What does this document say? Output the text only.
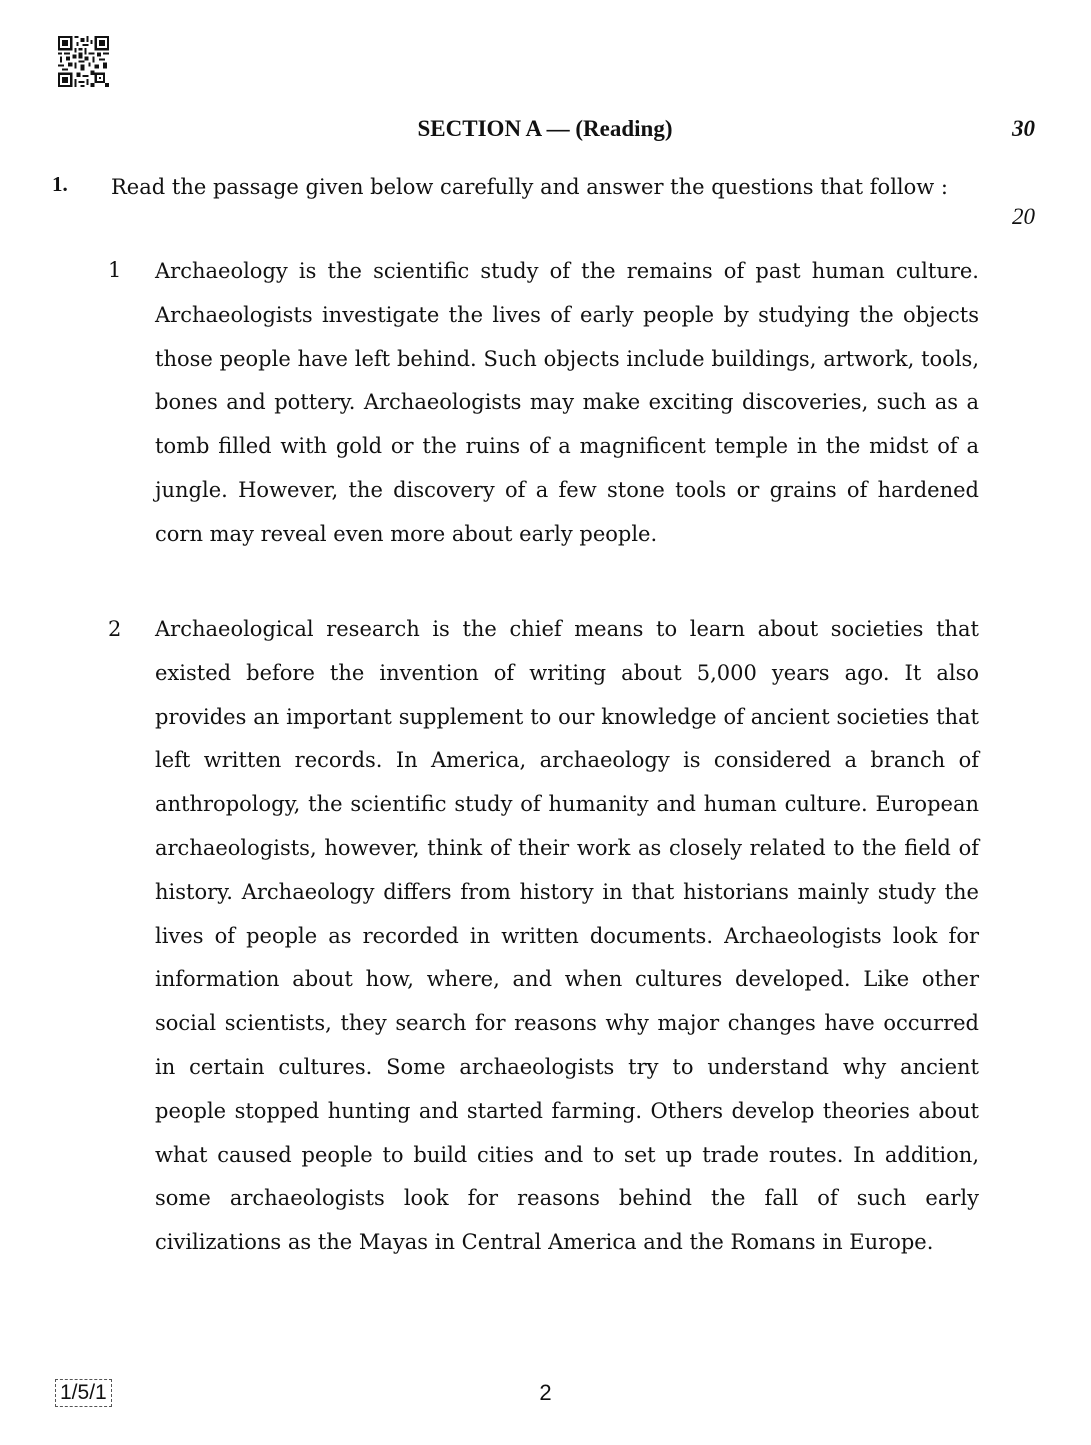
SECTION A — (Reading)	30
1. Read the passage given below carefully and answer the questions that follow :
20
1 Archaeology is the scientific study of the remains of past human culture. Archaeologists investigate the lives of early people by studying the objects those people have left behind. Such objects include buildings, artwork, tools, bones and pottery. Archaeologists may make exciting discoveries, such as a tomb filled with gold or the ruins of a magnificent temple in the midst of a jungle. However, the discovery of a few stone tools or grains of hardened corn may reveal even more about early people.
2 Archaeological research is the chief means to learn about societies that existed before the invention of writing about 5,000 years ago. It also provides an important supplement to our knowledge of ancient societies that left written records. In America, archaeology is considered a branch of anthropology, the scientific study of humanity and human culture. European archaeologists, however, think of their work as closely related to the field of history. Archaeology differs from history in that historians mainly study the lives of people as recorded in written documents. Archaeologists look for information about how, where, and when cultures developed. Like other social scientists, they search for reasons why major changes have occurred in certain cultures. Some archaeologists try to understand why ancient people stopped hunting and started farming. Others develop theories about what caused people to build cities and to set up trade routes. In addition, some archaeologists look for reasons behind the fall of such early civilizations as the Mayas in Central America and the Romans in Europe.
1/5/1	2
